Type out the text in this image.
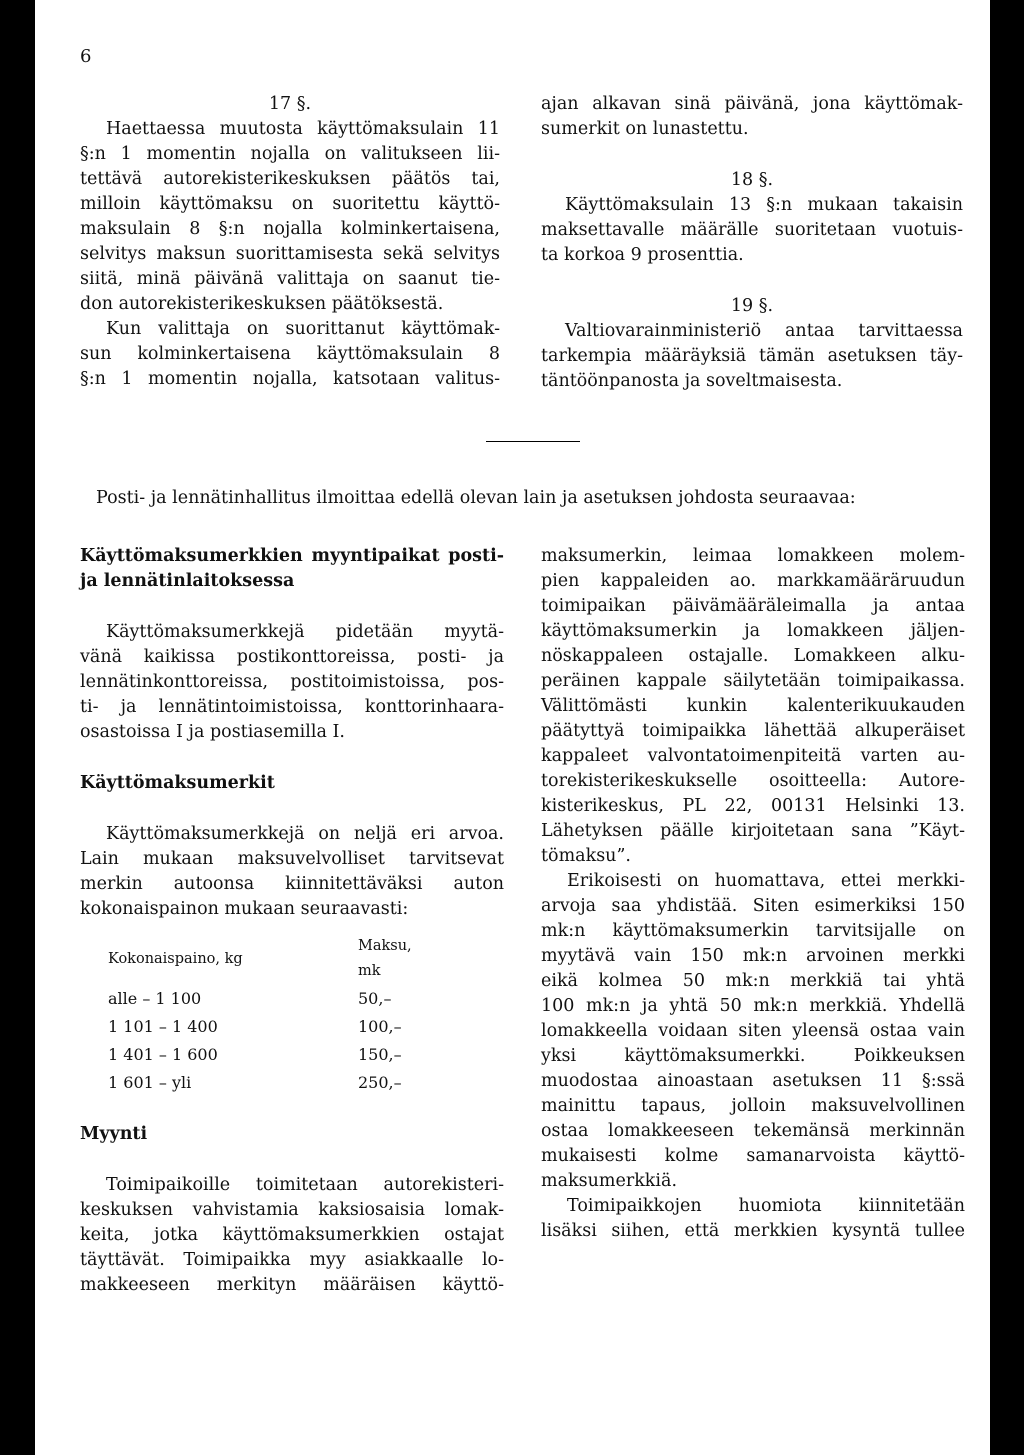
6
17 §.
Haettaessa muutosta käyttömaksulain 11
§:n 1 momentin nojalla on valitukseen lii-
tettävä autorekisterikeskuksen päätös tai,
milloin käyttömaksu on suoritettu käyttö-
maksulain 8 §:n nojalla kolminkertaisena,
selvitys maksun suorittamisesta sekä selvitys
siitä, minä päivänä valittaja on saanut tie-
don autorekisterikeskuksen päätöksestä.
Kun valittaja on suorittanut käyttömak-
sun kolminkertaisena käyttömaksulain 8
§:n 1 momentin nojalla, katsotaan valitus-
ajan alkavan sinä päivänä, jona käyttömak-
sumerkit on lunastettu.
18 §.
Käyttömaksulain 13 §:n mukaan takaisin
maksettavalle määrälle suoritetaan vuotuis-
ta korkoa 9 prosenttia.
19 §.
Valtiovarainministeriö antaa tarvittaessa
tarkempia määräyksiä tämän asetuksen täy-
täntöönpanosta ja soveltmaisesta.
Posti- ja lennätinhallitus ilmoittaa edellä olevan lain ja asetuksen johdosta seuraavaa:
Käyttömaksumerkkien myyntipaikat posti-
ja lennätinlaitoksessa
Käyttömaksumerkkejä pidetään myytä-
vänä kaikissa postikonttoreissa, posti- ja
lennätinkonttoreissa, postitoimistoissa, pos-
ti- ja lennätintoimistoissa, konttorinhaara-
osastoissa I ja postiasemilla I.
Käyttömaksumerkit
Käyttömaksumerkkejä on neljä eri arvoa.
Lain mukaan maksuvelvolliset tarvitsevat
merkin autoonsa kiinnitettäväksi auton
kokonaispainon mukaan seuraavasti:
Kokonaispaino, kg	Maksu, mk
alle – 1 100	50,–
1 101 – 1 400	100,–
1 401 – 1 600	150,–
1 601 – yli	250,–
Myynti
Toimipaikoille toimitetaan autorekisteri-
keskuksen vahvistamia kaksiosaisia lomak-
keita, jotka käyttömaksumerkkien ostajat
täyttävät. Toimipaikka myy asiakkaalle lo-
makkeeseen merkityn määräisen käyttö-
maksumerkin, leimaa lomakkeen molem-
pien kappaleiden ao. markkamääräruudun
toimipaikan päivämääräleimalla ja antaa
käyttömaksumerkin ja lomakkeen jäljen-
nöskappaleen ostajalle. Lomakkeen alku-
peräinen kappale säilytetään toimipaikassa.
Välittömästi kunkin kalenterikuukauden
päätyttyä toimipaikka lähettää alkuperäiset
kappaleet valvontatoimenpiteitä varten au-
torekisterikeskukselle osoitteella: Autore-
kisterikeskus, PL 22, 00131 Helsinki 13.
Lähetyksen päälle kirjoitetaan sana ”Käyt-
tömaksu”.
Erikoisesti on huomattava, ettei merkki-
arvoja saa yhdistää. Siten esimerkiksi 150
mk:n käyttömaksumerkin tarvitsijalle on
myytävä vain 150 mk:n arvoinen merkki
eikä kolmea 50 mk:n merkkiä tai yhtä
100 mk:n ja yhtä 50 mk:n merkkiä. Yhdellä
lomakkeella voidaan siten yleensä ostaa vain
yksi käyttömaksumerkki. Poikkeuksen
muodostaa ainoastaan asetuksen 11 §:ssä
mainittu tapaus, jolloin maksuvelvollinen
ostaa lomakkeeseen tekemänsä merkinnän
mukaisesti kolme samanarvoista käyttö-
maksumerkkiä.
Toimipaikkojen huomiota kiinnitetään
lisäksi siihen, että merkkien kysyntä tullee
